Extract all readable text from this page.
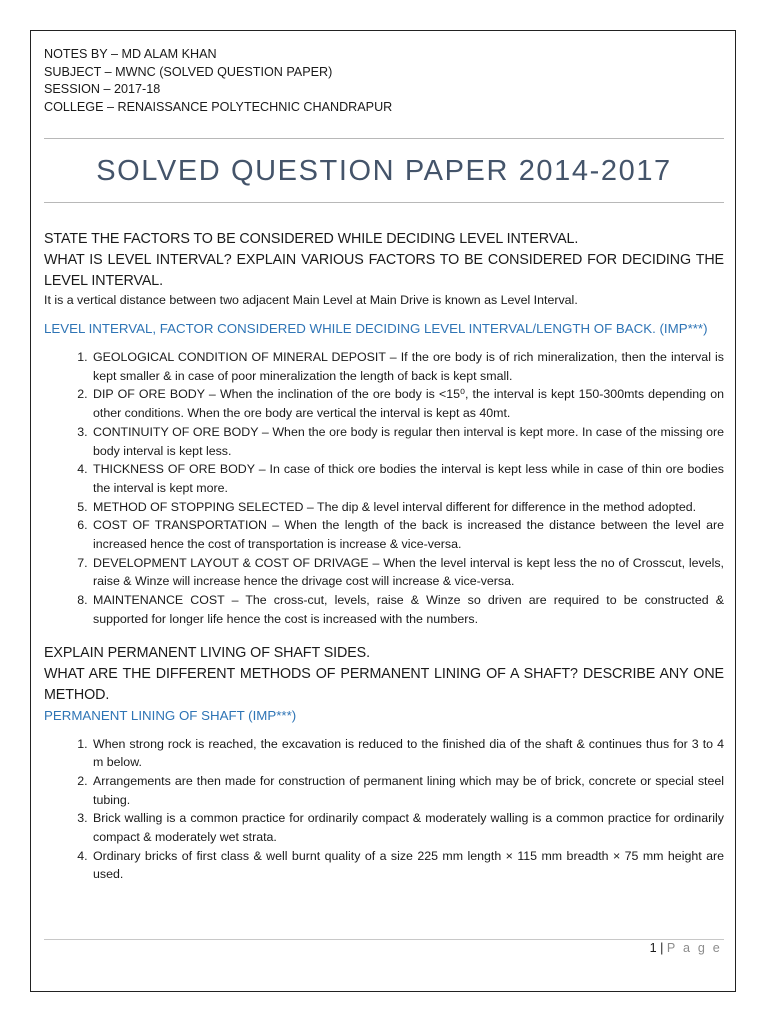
NOTES BY – MD ALAM KHAN
SUBJECT – MWNC (SOLVED QUESTION PAPER)
SESSION – 2017-18
COLLEGE – RENAISSANCE POLYTECHNIC CHANDRAPUR
SOLVED QUESTION PAPER 2014-2017
STATE THE FACTORS TO BE CONSIDERED WHILE DECIDING LEVEL INTERVAL.
WHAT IS LEVEL INTERVAL? EXPLAIN VARIOUS FACTORS TO BE CONSIDERED FOR DECIDING THE LEVEL INTERVAL.
It is a vertical distance between two adjacent Main Level at Main Drive is known as Level Interval.
LEVEL INTERVAL, FACTOR CONSIDERED WHILE DECIDING LEVEL INTERVAL/LENGTH OF BACK. (IMP***)
1. GEOLOGICAL CONDITION OF MINERAL DEPOSIT – If the ore body is of rich mineralization, then the interval is kept smaller & in case of poor mineralization the length of back is kept small.
2. DIP OF ORE BODY – When the inclination of the ore body is <15⁰, the interval is kept 150-300mts depending on other conditions. When the ore body are vertical the interval is kept as 40mt.
3. CONTINUITY OF ORE BODY – When the ore body is regular then interval is kept more. In case of the missing ore body interval is kept less.
4. THICKNESS OF ORE BODY – In case of thick ore bodies the interval is kept less while in case of thin ore bodies the interval is kept more.
5. METHOD OF STOPPING SELECTED – The dip & level interval different for difference in the method adopted.
6. COST OF TRANSPORTATION – When the length of the back is increased the distance between the level are increased hence the cost of transportation is increase & vice-versa.
7. DEVELOPMENT LAYOUT & COST OF DRIVAGE – When the level interval is kept less the no of Crosscut, levels, raise & Winze will increase hence the drivage cost will increase & vice-versa.
8. MAINTENANCE COST – The cross-cut, levels, raise & Winze so driven are required to be constructed & supported for longer life hence the cost is increased with the numbers.
EXPLAIN PERMANENT LIVING OF SHAFT SIDES.
WHAT ARE THE DIFFERENT METHODS OF PERMANENT LINING OF A SHAFT? DESCRIBE ANY ONE METHOD.
PERMANENT LINING OF SHAFT (IMP***)
1. When strong rock is reached, the excavation is reduced to the finished dia of the shaft & continues thus for 3 to 4 m below.
2. Arrangements are then made for construction of permanent lining which may be of brick, concrete or special steel tubing.
3. Brick walling is a common practice for ordinarily compact & moderately walling is a common practice for ordinarily compact & moderately wet strata.
4. Ordinary bricks of first class & well burnt quality of a size 225 mm length × 115 mm breadth × 75 mm height are used.
1 | P a g e
